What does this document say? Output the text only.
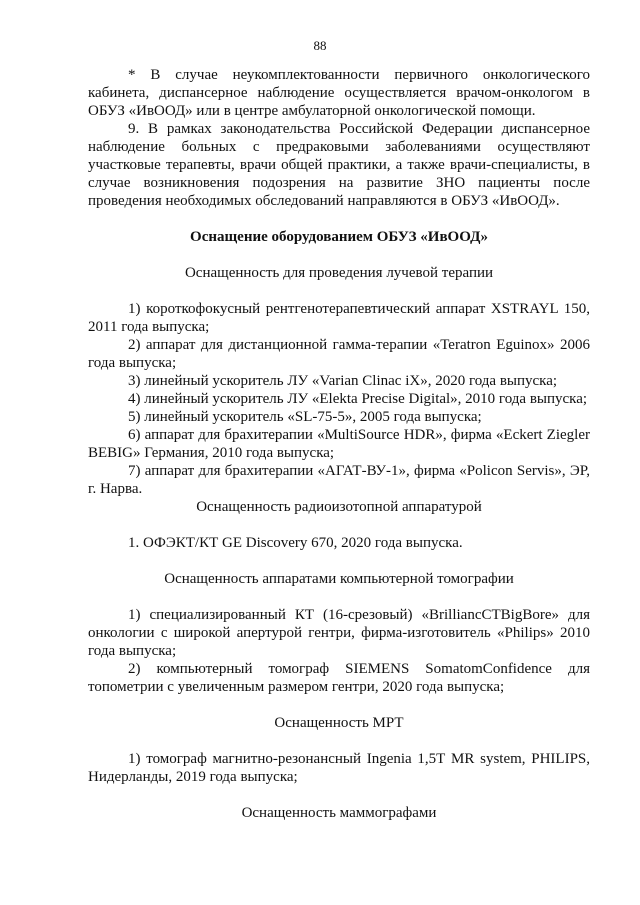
88

* В случае неукомплектованности первичного онкологического кабинета, диспансерное наблюдение осуществляется врачом-онкологом в ОБУЗ «ИвООД» или в центре амбулаторной онкологической помощи.

9. В рамках законодательства Российской Федерации диспансерное наблюдение больных с предраковыми заболеваниями осуществляют участковые терапевты, врачи общей практики, а также врачи-специалисты, в случае возникновения подозрения на развитие ЗНО пациенты после проведения необходимых обследований направляются в ОБУЗ «ИвООД».

Оснащение оборудованием ОБУЗ «ИвООД»

Оснащенность для проведения лучевой терапии

1) короткофокусный рентгенотерапевтический аппарат XSTRAYL 150, 2011 года выпуска;

2) аппарат для дистанционной гамма-терапии «Teratron Eguinox» 2006 года выпуска;

3) линейный ускоритель ЛУ «Varian Clinac iX», 2020 года выпуска;

4) линейный ускоритель ЛУ «Elekta Precise Digital», 2010 года выпуска;

5) линейный ускоритель «SL-75-5», 2005 года выпуска;

6) аппарат для брахитерапии «MultiSource HDR», фирма «Eckert Ziegler BEBIG» Германия, 2010 года выпуска;

7) аппарат для брахитерапии «АГАТ-ВУ-1», фирма «Policon Servis», ЭР, г. Нарва.

Оснащенность радиоизотопной аппаратурой

1. ОФЭКТ/КТ GE Discovery 670, 2020 года выпуска.

Оснащенность аппаратами компьютерной томографии

1) специализированный КТ (16-срезовый) «BrillianсCTBigBore» для онкологии с широкой апертурой гентри, фирма-изготовитель «Philips» 2010 года выпуска;

2) компьютерный томограф SIEMENS SomatomConfidence для топометрии с увеличенным размером гентри, 2020 года выпуска;

Оснащенность МРТ

1) томограф магнитно-резонансный Ingenia 1,5Т MR system, PHILIPS, Нидерланды, 2019 года выпуска;

Оснащенность маммографами
